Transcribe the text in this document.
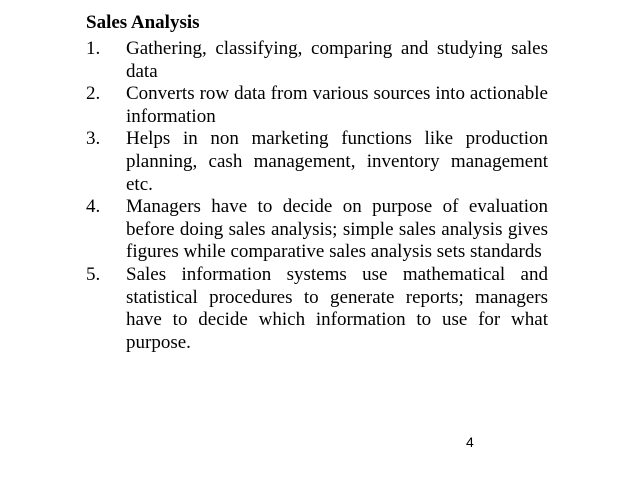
Sales Analysis
1. Gathering, classifying, comparing and studying sales data
2. Converts row data from various sources into actionable information
3. Helps in non marketing functions like production planning, cash management, inventory management etc.
4. Managers have to decide on purpose of evaluation before doing sales analysis; simple sales analysis gives figures while comparative sales analysis sets standards
5. Sales information systems use mathematical and statistical procedures to generate reports; managers have to decide which information to use for what purpose.
4
